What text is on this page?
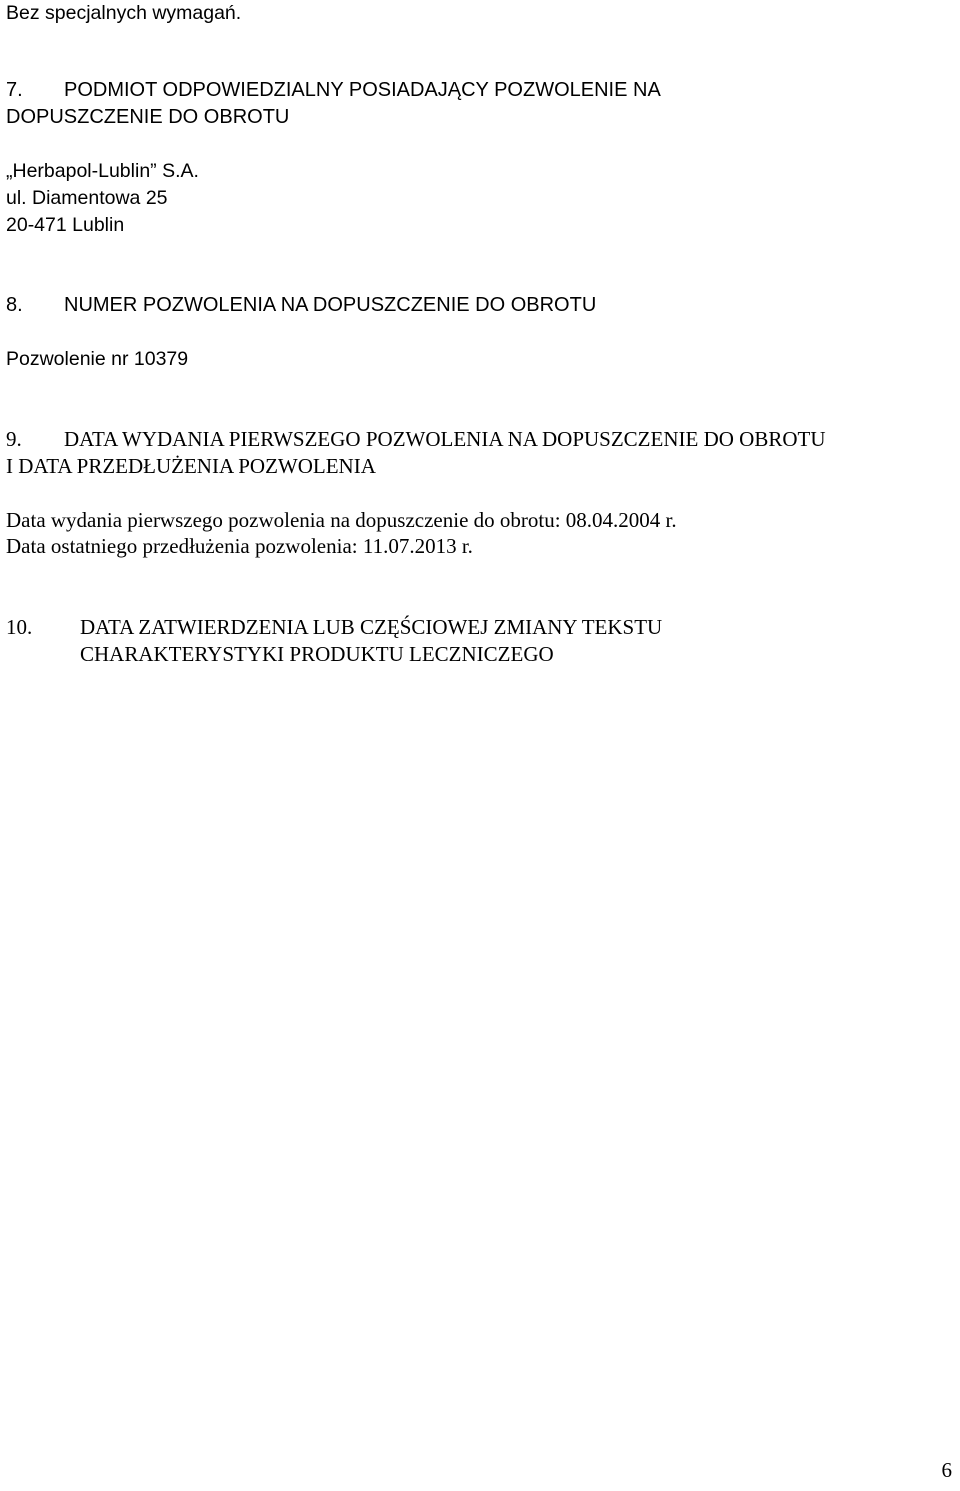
Bez specjalnych wymagań.
7. PODMIOT ODPOWIEDZIALNY POSIADAJĄCY POZWOLENIE NA
DOPUSZCZENIE DO OBROTU
„Herbapol-Lublin” S.A.
ul. Diamentowa 25
20-471 Lublin
8. NUMER POZWOLENIA NA DOPUSZCZENIE DO OBROTU
Pozwolenie nr 10379
9. DATA WYDANIA PIERWSZEGO POZWOLENIA NA DOPUSZCZENIE DO OBROTU
I DATA PRZEDŁUŻENIA POZWOLENIA
Data wydania pierwszego pozwolenia na dopuszczenie do obrotu: 08.04.2004 r.
Data ostatniego przedłużenia pozwolenia: 11.07.2013 r.
10. DATA ZATWIERDZENIA LUB CZĘŚCIOWEJ ZMIANY TEKSTU
CHARAKTERYSTYKI PRODUKTU LECZNICZEGO
6
